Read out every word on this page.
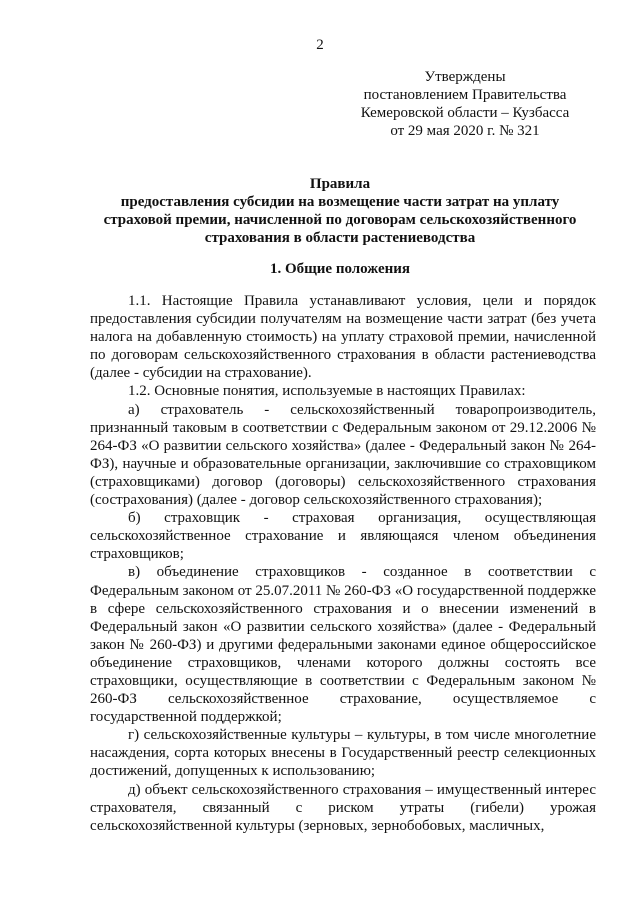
2
Утверждены
постановлением Правительства
Кемеровской области – Кузбасса
от 29 мая 2020 г. № 321
Правила
предоставления субсидии на возмещение части затрат на уплату
страховой премии, начисленной по договорам сельскохозяйственного
страхования в области растениеводства
1. Общие положения

1.1. Настоящие Правила устанавливают условия, цели и порядок предоставления субсидии получателям на возмещение части затрат (без учета налога на добавленную стоимость) на уплату страховой премии, начисленной по договорам сельскохозяйственного страхования в области растениеводства (далее - субсидии на страхование).

1.2. Основные понятия, используемые в настоящих Правилах:

а) страхователь - сельскохозяйственный товаропроизводитель, признанный таковым в соответствии с Федеральным законом от 29.12.2006 № 264-ФЗ «О развитии сельского хозяйства» (далее - Федеральный закон № 264-ФЗ), научные и образовательные организации, заключившие со страховщиком (страховщиками) договор (договоры) сельскохозяйственного страхования (сострахования) (далее - договор сельскохозяйственного страхования);

б) страховщик - страховая организация, осуществляющая сельскохозяйственное страхование и являющаяся членом объединения страховщиков;

в) объединение страховщиков - созданное в соответствии с Федеральным законом от 25.07.2011 № 260-ФЗ «О государственной поддержке в сфере сельскохозяйственного страхования и о внесении изменений в Федеральный закон «О развитии сельского хозяйства» (далее - Федеральный закон № 260-ФЗ) и другими федеральными законами единое общероссийское объединение страховщиков, членами которого должны состоять все страховщики, осуществляющие в соответствии с Федеральным законом № 260-ФЗ сельскохозяйственное страхование, осуществляемое с государственной поддержкой;

г) сельскохозяйственные культуры – культуры, в том числе многолетние насаждения, сорта которых внесены в Государственный реестр селекционных достижений, допущенных к использованию;

д) объект сельскохозяйственного страхования – имущественный интерес страхователя, связанный с риском утраты (гибели) урожая сельскохозяйственной культуры (зерновых, зернобобовых, масличных,
